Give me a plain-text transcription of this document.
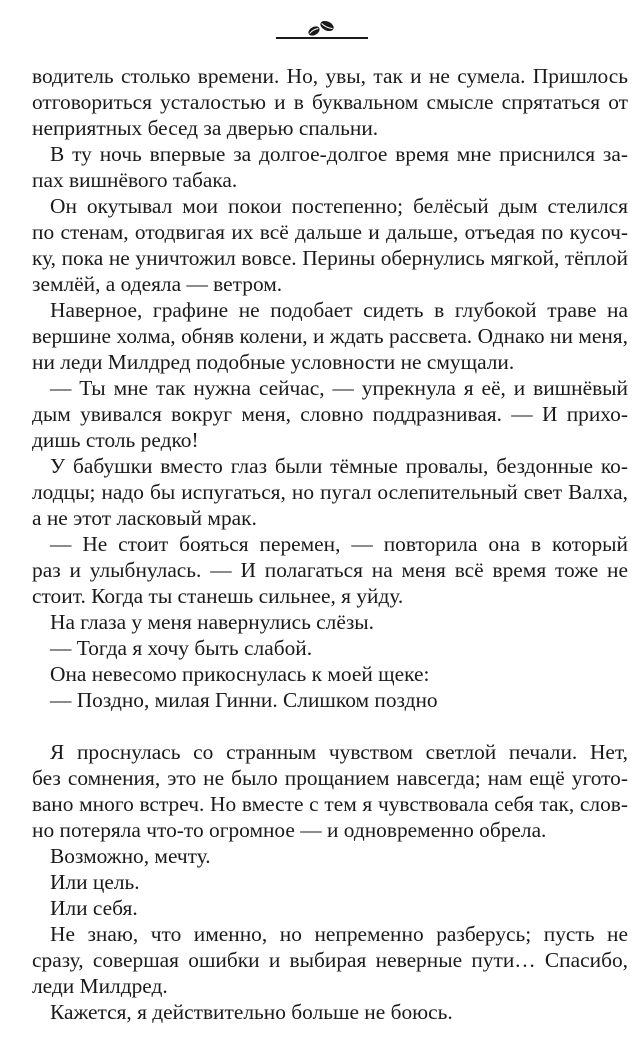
водитель столько времени. Но, увы, так и не сумела. Пришлось
отговориться усталостью и в буквальном смысле спрятаться от
неприятных бесед за дверью спальни.
В ту ночь впервые за долгое-долгое время мне приснился за-
пах вишнёвого табака.
Он окутывал мои покои постепенно; белёсый дым стелился
по стенам, отодвигая их всё дальше и дальше, отъедая по кусоч-
ку, пока не уничтожил вовсе. Перины обернулись мягкой, тёплой
землёй, а одеяла — ветром.
Наверное, графине не подобает сидеть в глубокой траве на
вершине холма, обняв колени, и ждать рассвета. Однако ни меня,
ни леди Милдред подобные условности не смущали.
— Ты мне так нужна сейчас, — упрекнула я её, и вишнёвый
дым увивался вокруг меня, словно поддразнивая. — И прихо-
дишь столь редко!
У бабушки вместо глаз были тёмные провалы, бездонные ко-
лодцы; надо бы испугаться, но пугал ослепительный свет Валха,
а не этот ласковый мрак.
— Не стоит бояться перемен, — повторила она в который
раз и улыбнулась. — И полагаться на меня всё время тоже не
стоит. Когда ты станешь сильнее, я уйду.
На глаза у меня навернулись слёзы.
— Тогда я хочу быть слабой.
Она невесомо прикоснулась к моей щеке:
— Поздно, милая Гинни. Слишком поздно
Я проснулась со странным чувством светлой печали. Нет,
без сомнения, это не было прощанием навсегда; нам ещё угото-
вано много встреч. Но вместе с тем я чувствовала себя так, слов-
но потеряла что-то огромное — и одновременно обрела.
Возможно, мечту.
Или цель.
Или себя.
Не знаю, что именно, но непременно разберусь; пусть не
сразу, совершая ошибки и выбирая неверные пути… Спасибо,
леди Милдред.
Кажется, я действительно больше не боюсь.
